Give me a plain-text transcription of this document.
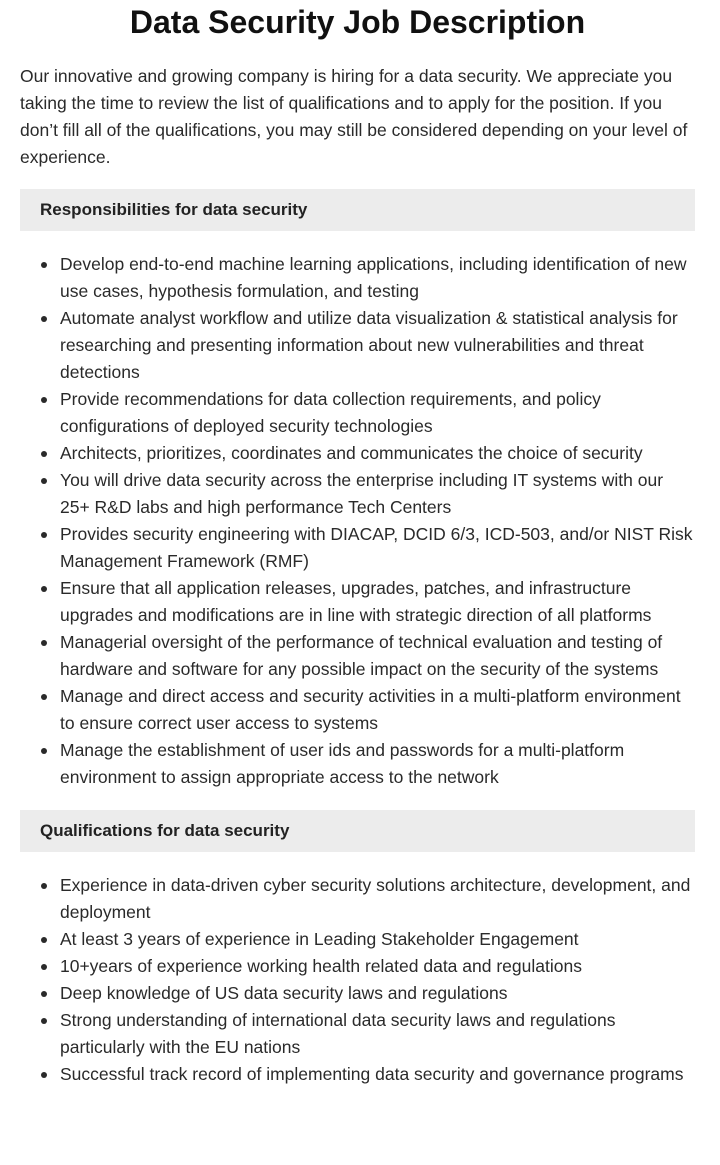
Data Security Job Description

Our innovative and growing company is hiring for a data security. We appreciate you taking the time to review the list of qualifications and to apply for the position. If you don’t fill all of the qualifications, you may still be considered depending on your level of experience.

Responsibilities for data security
Develop end-to-end machine learning applications, including identification of new use cases, hypothesis formulation, and testing
Automate analyst workflow and utilize data visualization & statistical analysis for researching and presenting information about new vulnerabilities and threat detections
Provide recommendations for data collection requirements, and policy configurations of deployed security technologies
Architects, prioritizes, coordinates and communicates the choice of security
You will drive data security across the enterprise including IT systems with our 25+ R&D labs and high performance Tech Centers
Provides security engineering with DIACAP, DCID 6/3, ICD-503, and/or NIST Risk Management Framework (RMF)
Ensure that all application releases, upgrades, patches, and infrastructure upgrades and modifications are in line with strategic direction of all platforms
Managerial oversight of the performance of technical evaluation and testing of hardware and software for any possible impact on the security of the systems
Manage and direct access and security activities in a multi-platform environment to ensure correct user access to systems
Manage the establishment of user ids and passwords for a multi-platform environment to assign appropriate access to the network
Qualifications for data security
Experience in data-driven cyber security solutions architecture, development, and deployment
At least 3 years of experience in Leading Stakeholder Engagement
10+years of experience working health related data and regulations
Deep knowledge of US data security laws and regulations
Strong understanding of international data security laws and regulations particularly with the EU nations
Successful track record of implementing data security and governance programs
